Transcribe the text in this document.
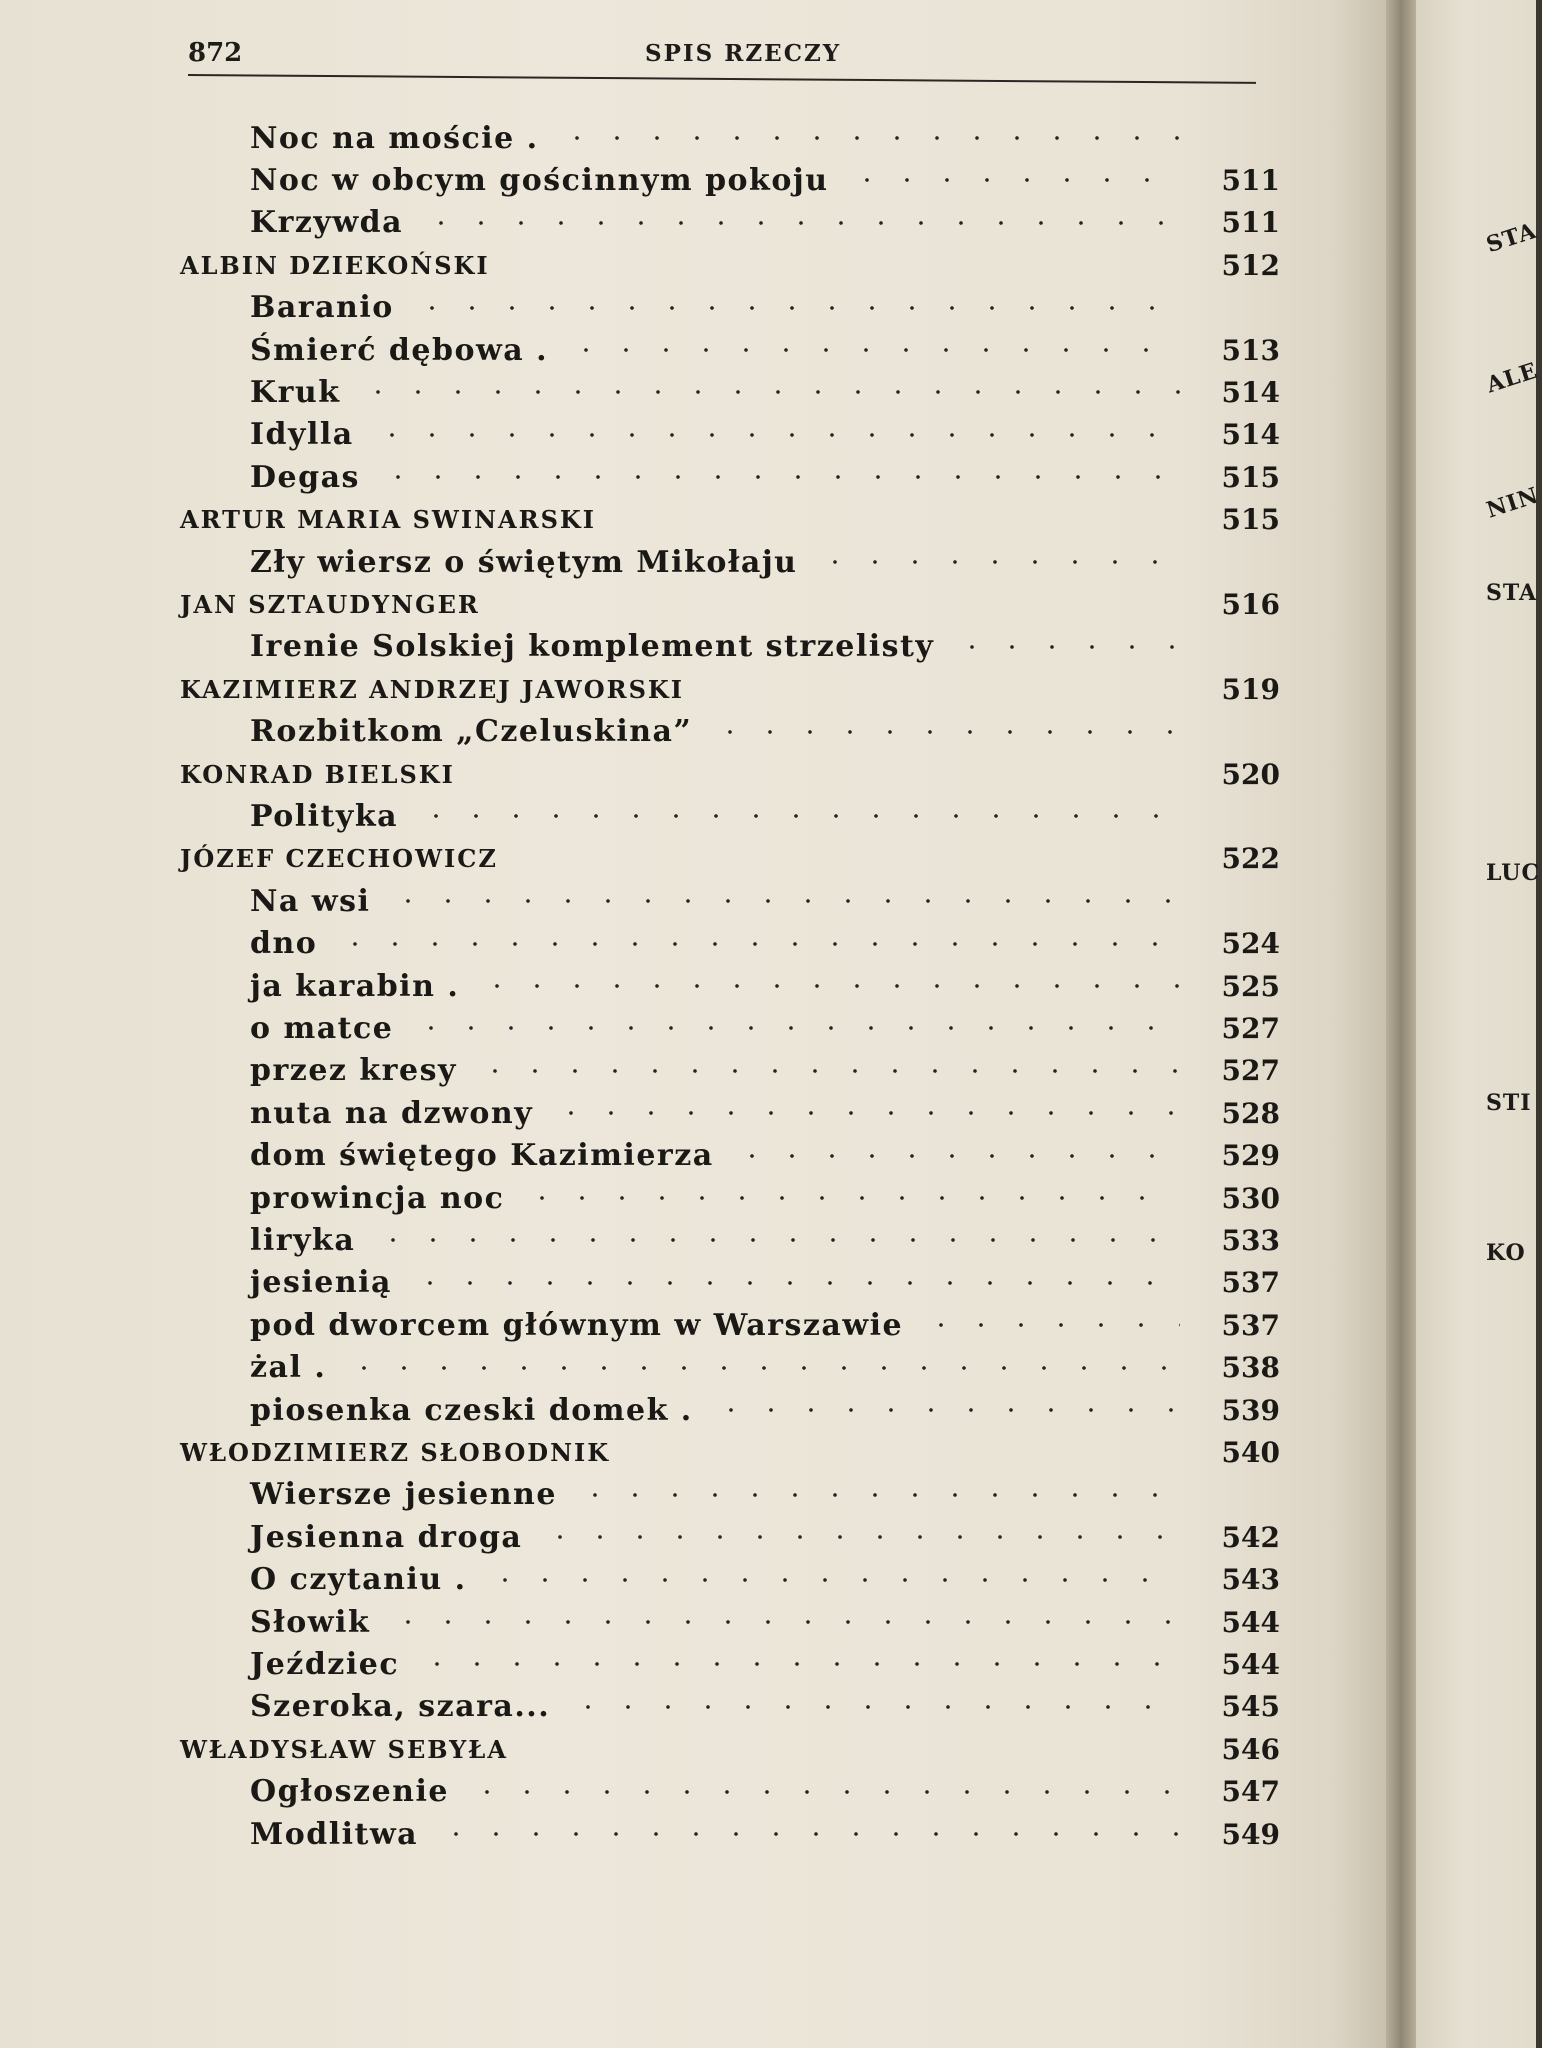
872	SPIS RZECZY
Noc na moście .
Noc w obcym gościnnym pokoju	511
Krzywda	511
ALBIN DZIEKOŃSKI	512
Baranio
Śmierć dębowa .	513
Kruk	514
Idylla	514
Degas	515
ARTUR MARIA SWINARSKI	515
Zły wiersz o świętym Mikołaju
JAN SZTAUDYNGER	516
Irenie Solskiej komplement strzelisty
KAZIMIERZ ANDRZEJ JAWORSKI	519
Rozbitkom „Czeluskina”
KONRAD BIELSKI	520
Polityka
JÓZEF CZECHOWICZ	522
Na wsi
dno	524
ja karabin .	525
o matce	527
przez kresy	527
nuta na dzwony	528
dom świętego Kazimierza	529
prowincja noc	530
liryka	533
jesienią	537
pod dworcem głównym w Warszawie	537
żal .	538
piosenka czeski domek .	539
WŁODZIMIERZ SŁOBODNIK	540
Wiersze jesienne
Jesienna droga	542
O czytaniu .	543
Słowik	544
Jeździec	544
Szeroka, szara...	545
WŁADYSŁAW SEBYŁA	546
Ogłoszenie	547
Modlitwa	549
STA
ALE
NIN
STA
LUC
STI
KO
